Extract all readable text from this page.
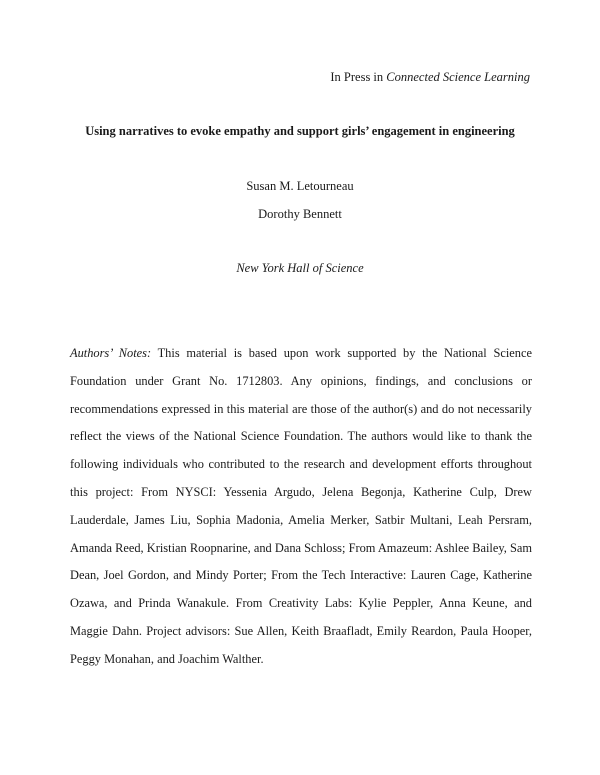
In Press in Connected Science Learning
Using narratives to evoke empathy and support girls’ engagement in engineering
Susan M. Letourneau
Dorothy Bennett
New York Hall of Science

Authors’ Notes: This material is based upon work supported by the National Science Foundation under Grant No. 1712803. Any opinions, findings, and conclusions or recommendations expressed in this material are those of the author(s) and do not necessarily reflect the views of the National Science Foundation. The authors would like to thank the following individuals who contributed to the research and development efforts throughout this project: From NYSCI: Yessenia Argudo, Jelena Begonja, Katherine Culp, Drew Lauderdale, James Liu, Sophia Madonia, Amelia Merker, Satbir Multani, Leah Persram, Amanda Reed, Kristian Roopnarine, and Dana Schloss; From Amazeum: Ashlee Bailey, Sam Dean, Joel Gordon, and Mindy Porter; From the Tech Interactive: Lauren Cage, Katherine Ozawa, and Prinda Wanakule. From Creativity Labs: Kylie Peppler, Anna Keune, and Maggie Dahn. Project advisors: Sue Allen, Keith Braafladt, Emily Reardon, Paula Hooper, Peggy Monahan, and Joachim Walther.
